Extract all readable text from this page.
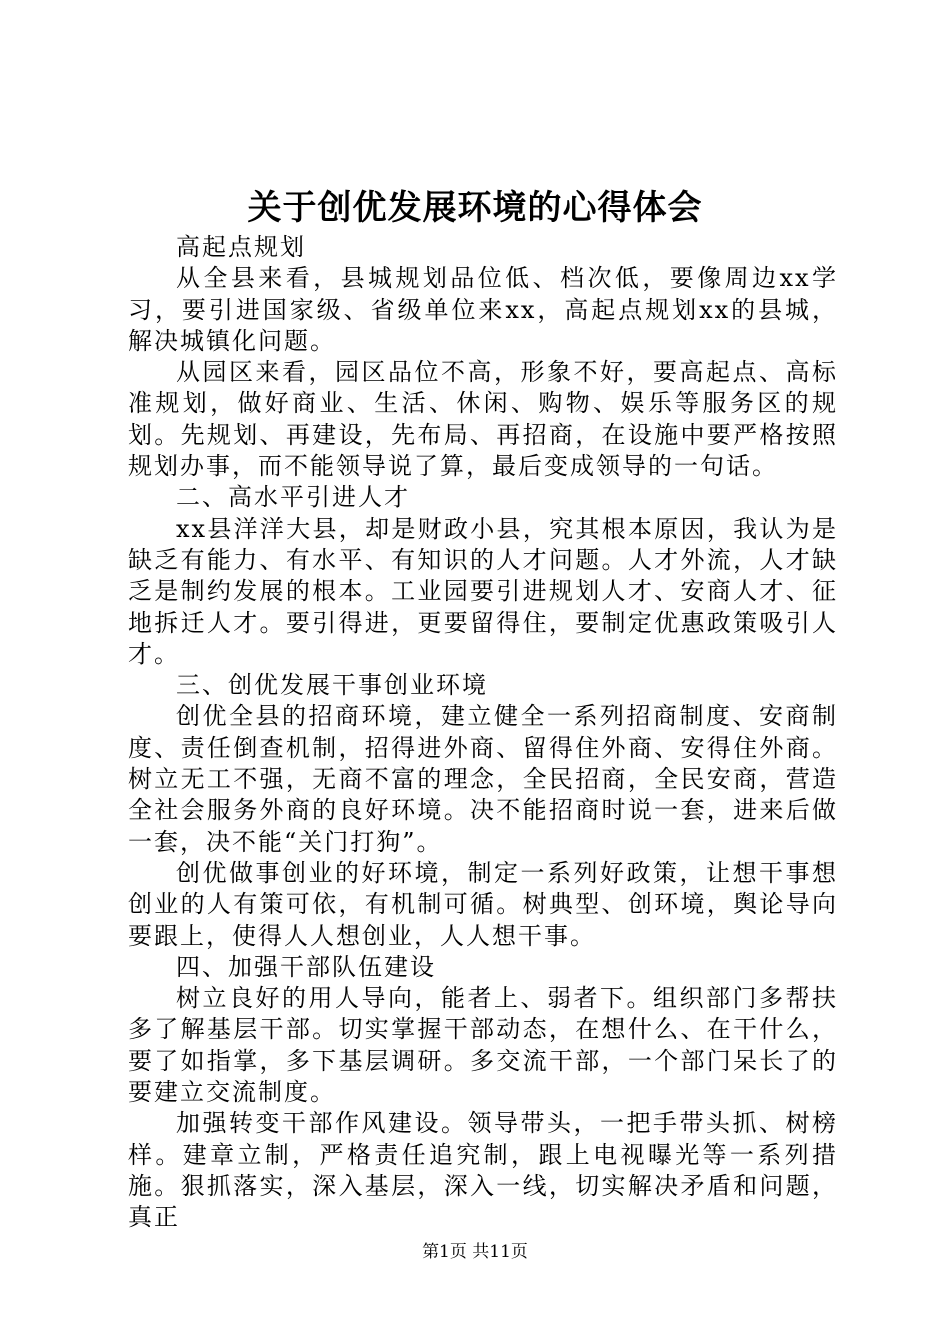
关于创优发展环境的心得体会

高起点规划

从全县来看，县城规划品位低、档次低，要像周边xx学习，要引进国家级、省级单位来xx，高起点规划xx的县城，解决城镇化问题。

从园区来看，园区品位不高，形象不好，要高起点、高标准规划，做好商业、生活、休闲、购物、娱乐等服务区的规划。先规划、再建设，先布局、再招商，在设施中要严格按照规划办事，而不能领导说了算，最后变成领导的一句话。

二、高水平引进人才

xx县洋洋大县，却是财政小县，究其根本原因，我认为是缺乏有能力、有水平、有知识的人才问题。人才外流，人才缺乏是制约发展的根本。工业园要引进规划人才、安商人才、征地拆迁人才。要引得进，更要留得住，要制定优惠政策吸引人才。

三、创优发展干事创业环境

创优全县的招商环境，建立健全一系列招商制度、安商制度、责任倒查机制，招得进外商、留得住外商、安得住外商。树立无工不强，无商不富的理念，全民招商，全民安商，营造全社会服务外商的良好环境。决不能招商时说一套，进来后做一套，决不能“关门打狗”。

创优做事创业的好环境，制定一系列好政策，让想干事想创业的人有策可依，有机制可循。树典型、创环境，舆论导向要跟上，使得人人想创业，人人想干事。

四、加强干部队伍建设

树立良好的用人导向，能者上、弱者下。组织部门多帮扶多了解基层干部。切实掌握干部动态，在想什么、在干什么，要了如指掌，多下基层调研。多交流干部，一个部门呆长了的要建立交流制度。

加强转变干部作风建设。领导带头，一把手带头抓、树榜样。建章立制，严格责任追究制，跟上电视曝光等一系列措施。狠抓落实，深入基层，深入一线，切实解决矛盾和问题，真正

第1页 共11页
